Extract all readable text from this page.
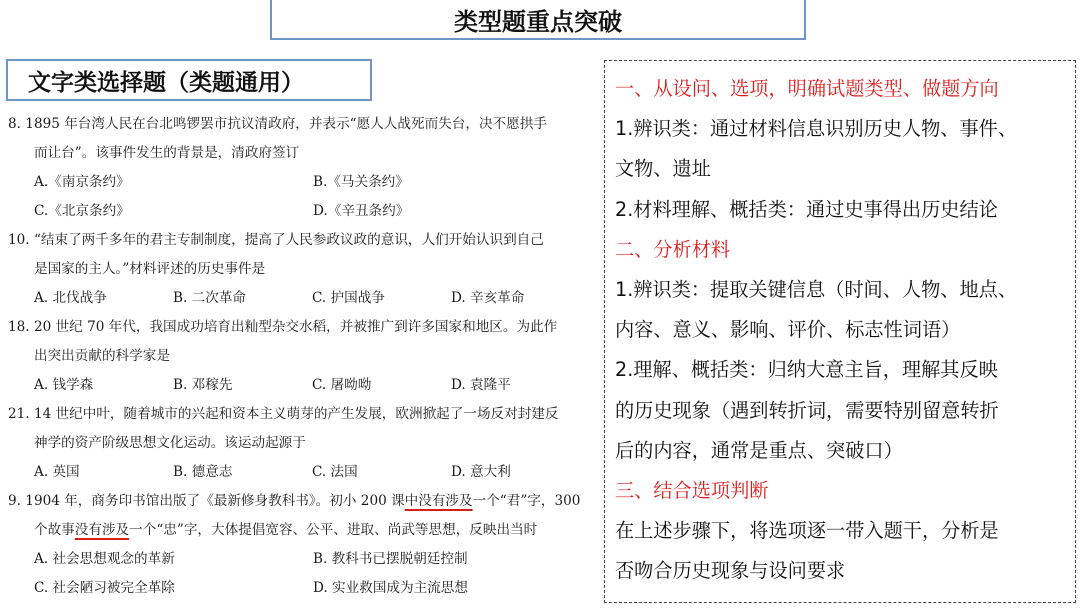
类型题重点突破
文字类选择题（类题通用）
8. 1895 年台湾人民在台北鸣锣罢市抗议清政府，并表示“愿人人战死而失台，决不愿拱手
而让台”。该事件发生的背景是，清政府签订
A.《南京条约》	B.《马关条约》
C.《北京条约》	D.《辛丑条约》
10. “结束了两千多年的君主专制制度，提高了人民参政议政的意识，人们开始认识到自己
是国家的主人。”材料评述的历史事件是
A. 北伐战争	B. 二次革命	C. 护国战争	D. 辛亥革命
18. 20 世纪 70 年代，我国成功培育出籼型杂交水稻，并被推广到许多国家和地区。为此作
出突出贡献的科学家是
A. 钱学森	B. 邓稼先	C. 屠呦呦	D. 袁隆平
21. 14 世纪中叶，随着城市的兴起和资本主义萌芽的产生发展，欧洲掀起了一场反对封建反
神学的资产阶级思想文化运动。该运动起源于
A. 英国	B. 德意志	C. 法国	D. 意大利
9. 1904 年，商务印书馆出版了《最新修身教科书》。初小 200 课中没有涉及一个“君”字，300
个故事没有涉及一个“忠”字，大体提倡宽容、公平、进取、尚武等思想，反映出当时
A. 社会思想观念的革新	B. 教科书已摆脱朝廷控制
C. 社会陋习被完全革除	D. 实业救国成为主流思想
一、从设问、选项，明确试题类型、做题方向
1.辨识类：通过材料信息识别历史人物、事件、
文物、遗址
2.材料理解、概括类：通过史事得出历史结论
二、分析材料
1.辨识类：提取关键信息（时间、人物、地点、
内容、意义、影响、评价、标志性词语）
2.理解、概括类：归纳大意主旨，理解其反映
的历史现象（遇到转折词，需要特别留意转折
后的内容，通常是重点、突破口）
三、结合选项判断
在上述步骤下，将选项逐一带入题干，分析是
否吻合历史现象与设问要求
